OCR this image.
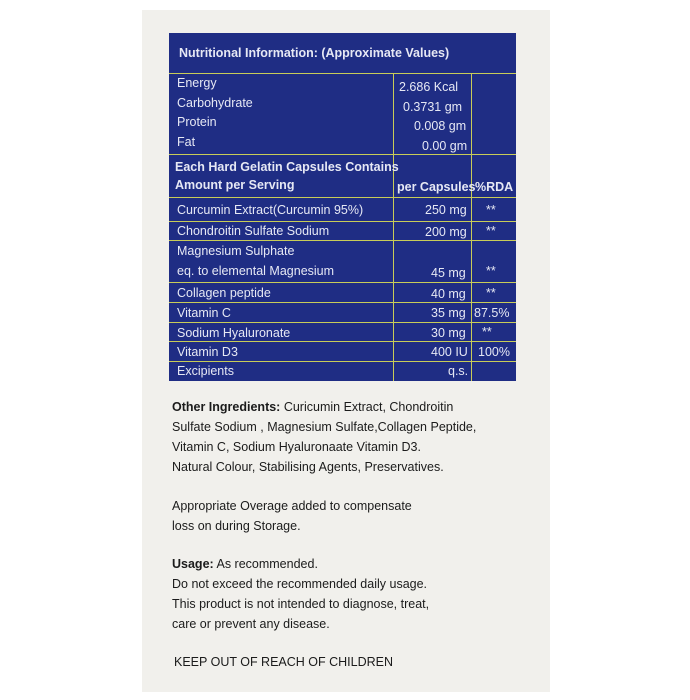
Nutritional Information: (Approximate Values)
Energy	2.686 Kcal
Carbohydrate	0.3731 gm
Protein	0.008 gm
Fat	0.00 gm
Each Hard Gelatin Capsules Contains
Amount per Serving	per Capsules %RDA
Curcumin Extract(Curcumin 95%)	250 mg **
Chondroitin Sulfate Sodium	200 mg **
Magnesium Sulphate
eq. to elemental Magnesium	45 mg **
Collagen peptide	40 mg **
Vitamin C	35 mg 87.5%
Sodium Hyaluronate	30 mg **
Vitamin D3	400 IU 100%
Excipients	q.s.
Other Ingredients: Curicumin Extract, Chondroitin
Sulfate Sodium , Magnesium Sulfate,Collagen Peptide,
Vitamin C, Sodium Hyaluronaate Vitamin D3.
Natural Colour, Stabilising Agents, Preservatives.
Appropriate Overage added to compensate
loss on during Storage.
Usage: As recommended.
Do not exceed the recommended daily usage.
This product is not intended to diagnose, treat,
care or prevent any disease.
KEEP OUT OF REACH OF CHILDREN
